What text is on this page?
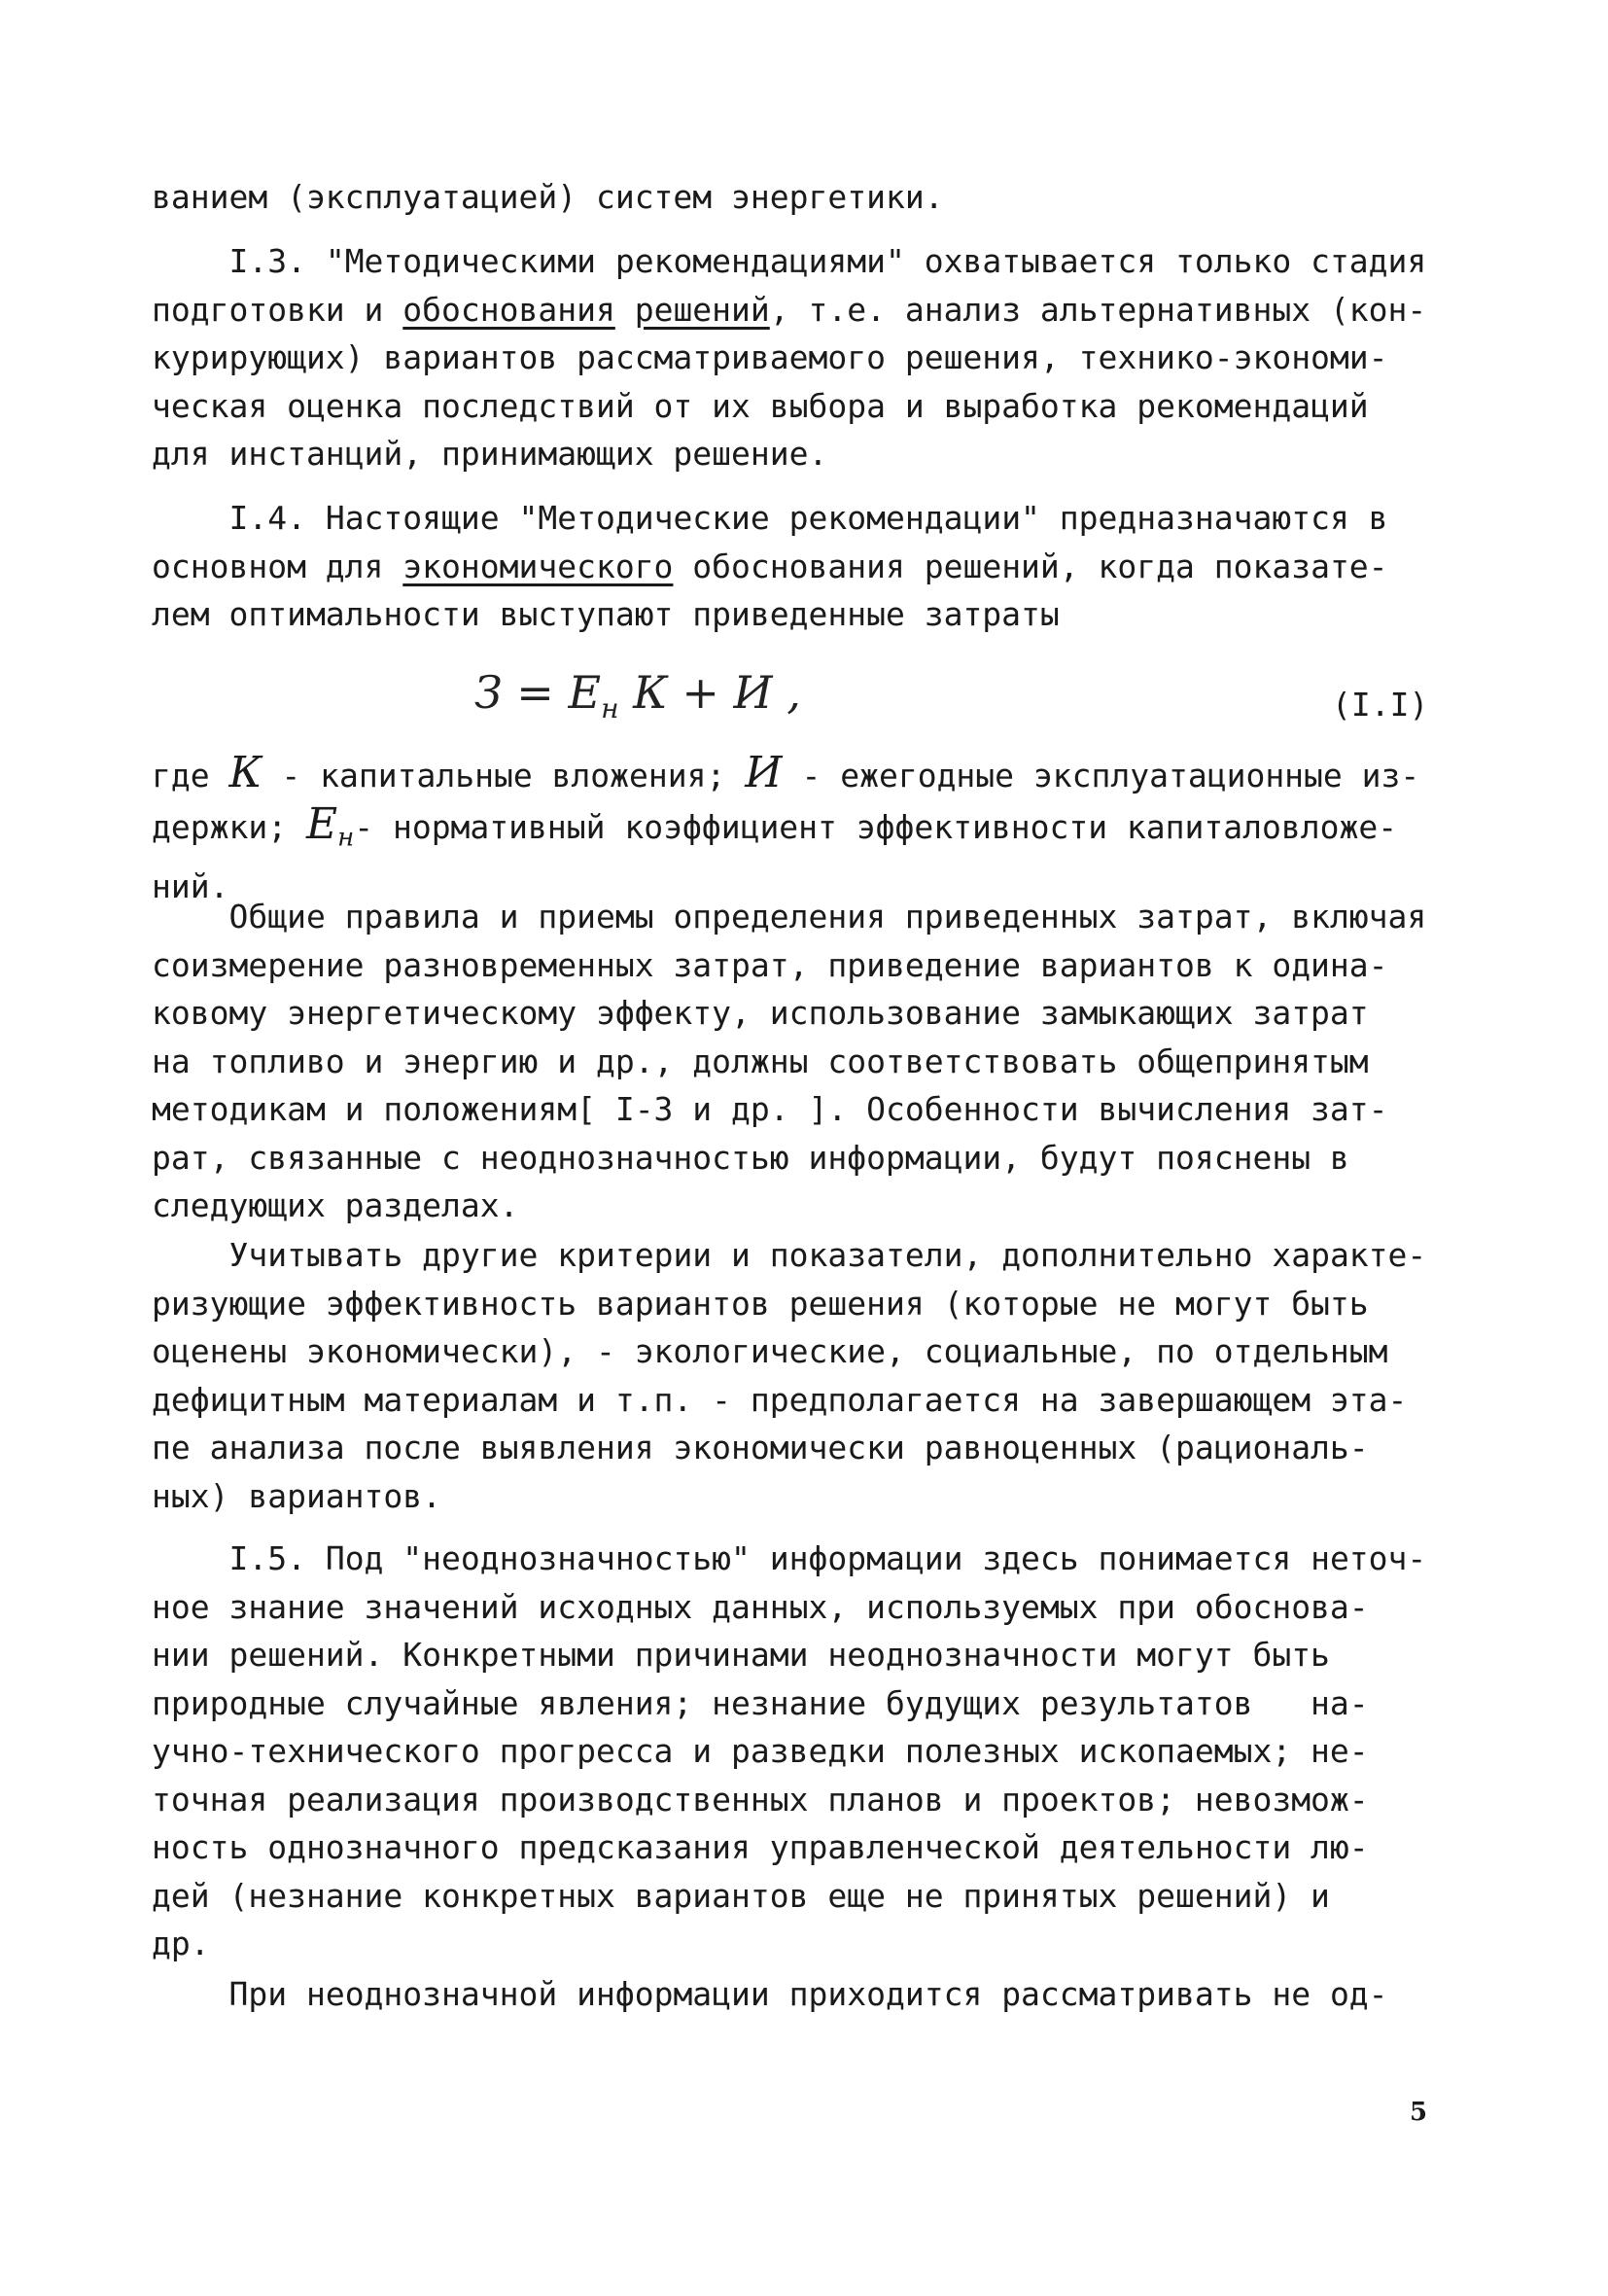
ванием (эксплуатацией) систем энергетики.

I.3. "Методическими рекомендациями" охватывается только стадия
подготовки и обоснования решений, т.е. анализ альтернативных (кон-
курирующих) вариантов рассматриваемого решения, технико-экономи-
ческая оценка последствий от их выбора и выработка рекомендаций
для инстанций, принимающих решение.

I.4. Настоящие "Методические рекомендации" предназначаются в
основном для экономического обоснования решений, когда показате-
лем оптимальности выступают приведенные затраты

$З = Е_н$ К + И ,	(I.I)

где К - капитальные вложения; И - ежегодные эксплуатационные из-
держки; $Е_н-$ нормативный коэффициент эффективности капиталовложе-
ний.

Общие правила и приемы определения приведенных затрат, включая
соизмерение разновременных затрат, приведение вариантов к одина-
ковому энергетическому эффекту, использование замыкающих затрат
на топливо и энергию и др., должны соответствовать общепринятым
методикам и положениям[ I-3 и др. ]. Особенности вычисления зат-
рат, связанные с неоднозначностью информации, будут пояснены в
следующих разделах.

Учитывать другие критерии и показатели, дополнительно характе-
ризующие эффективность вариантов решения (которые не могут быть
оценены экономически), - экологические, социальные, по отдельным
дефицитным материалам и т.п. - предполагается на завершающем эта-
пе анализа после выявления экономически равноценных (рациональ-
ных) вариантов.

I.5. Под "неоднозначностью" информации здесь понимается неточ-
ное знание значений исходных данных, используемых при обоснова-
нии решений. Конкретными причинами неоднозначности могут быть
природные случайные явления; незнание будущих результатов   на-
учно-технического прогресса и разведки полезных ископаемых; не-
точная реализация производственных планов и проектов; невозмож-
ность однозначного предсказания управленческой деятельности лю-
дей (незнание конкретных вариантов еще не принятых решений) и
др.

При неоднозначной информации приходится рассматривать не од-

5
